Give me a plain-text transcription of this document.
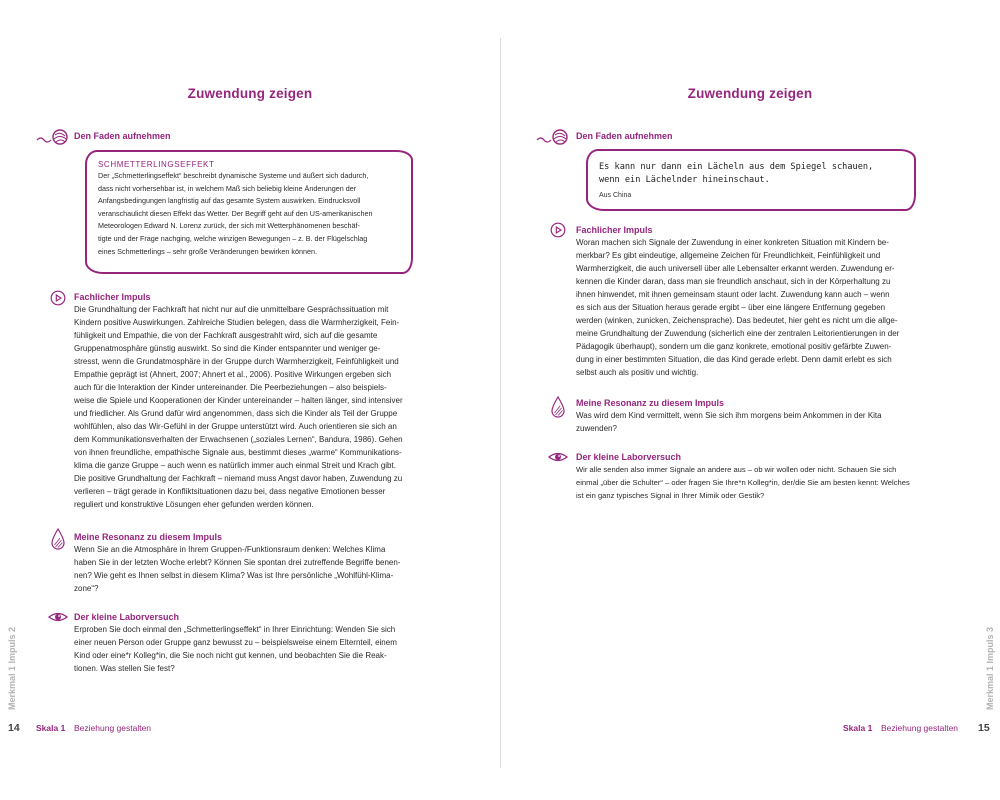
Zuwendung zeigen
Den Faden aufnehmen
SCHMETTERLINGSEFFEKT
Der „Schmetterlingseffekt“ beschreibt dynamische Systeme und äußert sich dadurch,
dass nicht vorhersehbar ist, in welchem Maß sich beliebig kleine Änderungen der
Anfangsbedingungen langfristig auf das gesamte System auswirken. Eindrucksvoll
veranschaulicht diesen Effekt das Wetter. Der Begriff geht auf den US-amerikanischen
Meteorologen Edward N. Lorenz zurück, der sich mit Wetterphänomenen beschäf-
tigte und der Frage nachging, welche winzigen Bewegungen – z. B. der Flügelschlag
eines Schmetterlings – sehr große Veränderungen bewirken können.
Fachlicher Impuls
Die Grundhaltung der Fachkraft hat nicht nur auf die unmittelbare Gesprächssituation mit
Kindern positive Auswirkungen. Zahlreiche Studien belegen, dass die Warmherzigkeit, Fein-
fühligkeit und Empathie, die von der Fachkraft ausgestrahlt wird, sich auf die gesamte
Gruppenatmosphäre günstig auswirkt. So sind die Kinder entspannter und weniger ge-
stresst, wenn die Grundatmosphäre in der Gruppe durch Warmherzigkeit, Feinfühligkeit und
Empathie geprägt ist (Ahnert, 2007; Ahnert et al., 2006). Positive Wirkungen ergeben sich
auch für die Interaktion der Kinder untereinander. Die Peerbeziehungen – also beispiels-
weise die Spiele und Kooperationen der Kinder untereinander – halten länger, sind intensiver
und friedlicher. Als Grund dafür wird angenommen, dass sich die Kinder als Teil der Gruppe
wohlfühlen, also das Wir-Gefühl in der Gruppe unterstützt wird. Auch orientieren sie sich an
dem Kommunikationsverhalten der Erwachsenen („soziales Lernen“, Bandura, 1986). Gehen
von ihnen freundliche, empathische Signale aus, bestimmt dieses „warme“ Kommunikations-
klima die ganze Gruppe – auch wenn es natürlich immer auch einmal Streit und Krach gibt.
Die positive Grundhaltung der Fachkraft – niemand muss Angst davor haben, Zuwendung zu
verlieren – trägt gerade in Konfliktsituationen dazu bei, dass negative Emotionen besser
reguliert und konstruktive Lösungen eher gefunden werden können.
Meine Resonanz zu diesem Impuls
Wenn Sie an die Atmosphäre in Ihrem Gruppen-/Funktionsraum denken: Welches Klima
haben Sie in der letzten Woche erlebt? Können Sie spontan drei zutreffende Begriffe benen-
nen? Wie geht es Ihnen selbst in diesem Klima? Was ist Ihre persönliche „Wohlfühl-Klima-
zone“?
Der kleine Laborversuch
Erproben Sie doch einmal den „Schmetterlingseffekt“ in Ihrer Einrichtung: Wenden Sie sich
einer neuen Person oder Gruppe ganz bewusst zu – beispielsweise einem Elternteil, einem
Kind oder eine*r Kolleg*in, die Sie noch nicht gut kennen, und beobachten Sie die Reak-
tionen. Was stellen Sie fest?
Merkmal 1 Impuls 2
14 Skala 1 Beziehung gestalten
Zuwendung zeigen
Den Faden aufnehmen
Es kann nur dann ein Lächeln aus dem Spiegel schauen,
wenn ein Lächelnder hineinschaut.
Aus China
Fachlicher Impuls
Woran machen sich Signale der Zuwendung in einer konkreten Situation mit Kindern be-
merkbar? Es gibt eindeutige, allgemeine Zeichen für Freundlichkeit, Feinfühligkeit und
Warmherzigkeit, die auch universell über alle Lebensalter erkannt werden. Zuwendung er-
kennen die Kinder daran, dass man sie freundlich anschaut, sich in der Körperhaltung zu
ihnen hinwendet, mit ihnen gemeinsam staunt oder lacht. Zuwendung kann auch – wenn
es sich aus der Situation heraus gerade ergibt – über eine längere Entfernung gegeben
werden (winken, zunicken, Zeichensprache). Das bedeutet, hier geht es nicht um die allge-
meine Grundhaltung der Zuwendung (sicherlich eine der zentralen Leitorientierungen in der
Pädagogik überhaupt), sondern um die ganz konkrete, emotional positiv gefärbte Zuwen-
dung in einer bestimmten Situation, die das Kind gerade erlebt. Denn damit erlebt es sich
selbst auch als positiv und wichtig.
Meine Resonanz zu diesem Impuls
Was wird dem Kind vermittelt, wenn Sie sich ihm morgens beim Ankommen in der Kita
zuwenden?
Der kleine Laborversuch
Wir alle senden also immer Signale an andere aus – ob wir wollen oder nicht. Schauen Sie sich
einmal „über die Schulter“ – oder fragen Sie Ihre*n Kolleg*in, der/die Sie am besten kennt: Welches
ist ein ganz typisches Signal in Ihrer Mimik oder Gestik?
Merkmal 1 Impuls 3
Skala 1 Beziehung gestalten 15
